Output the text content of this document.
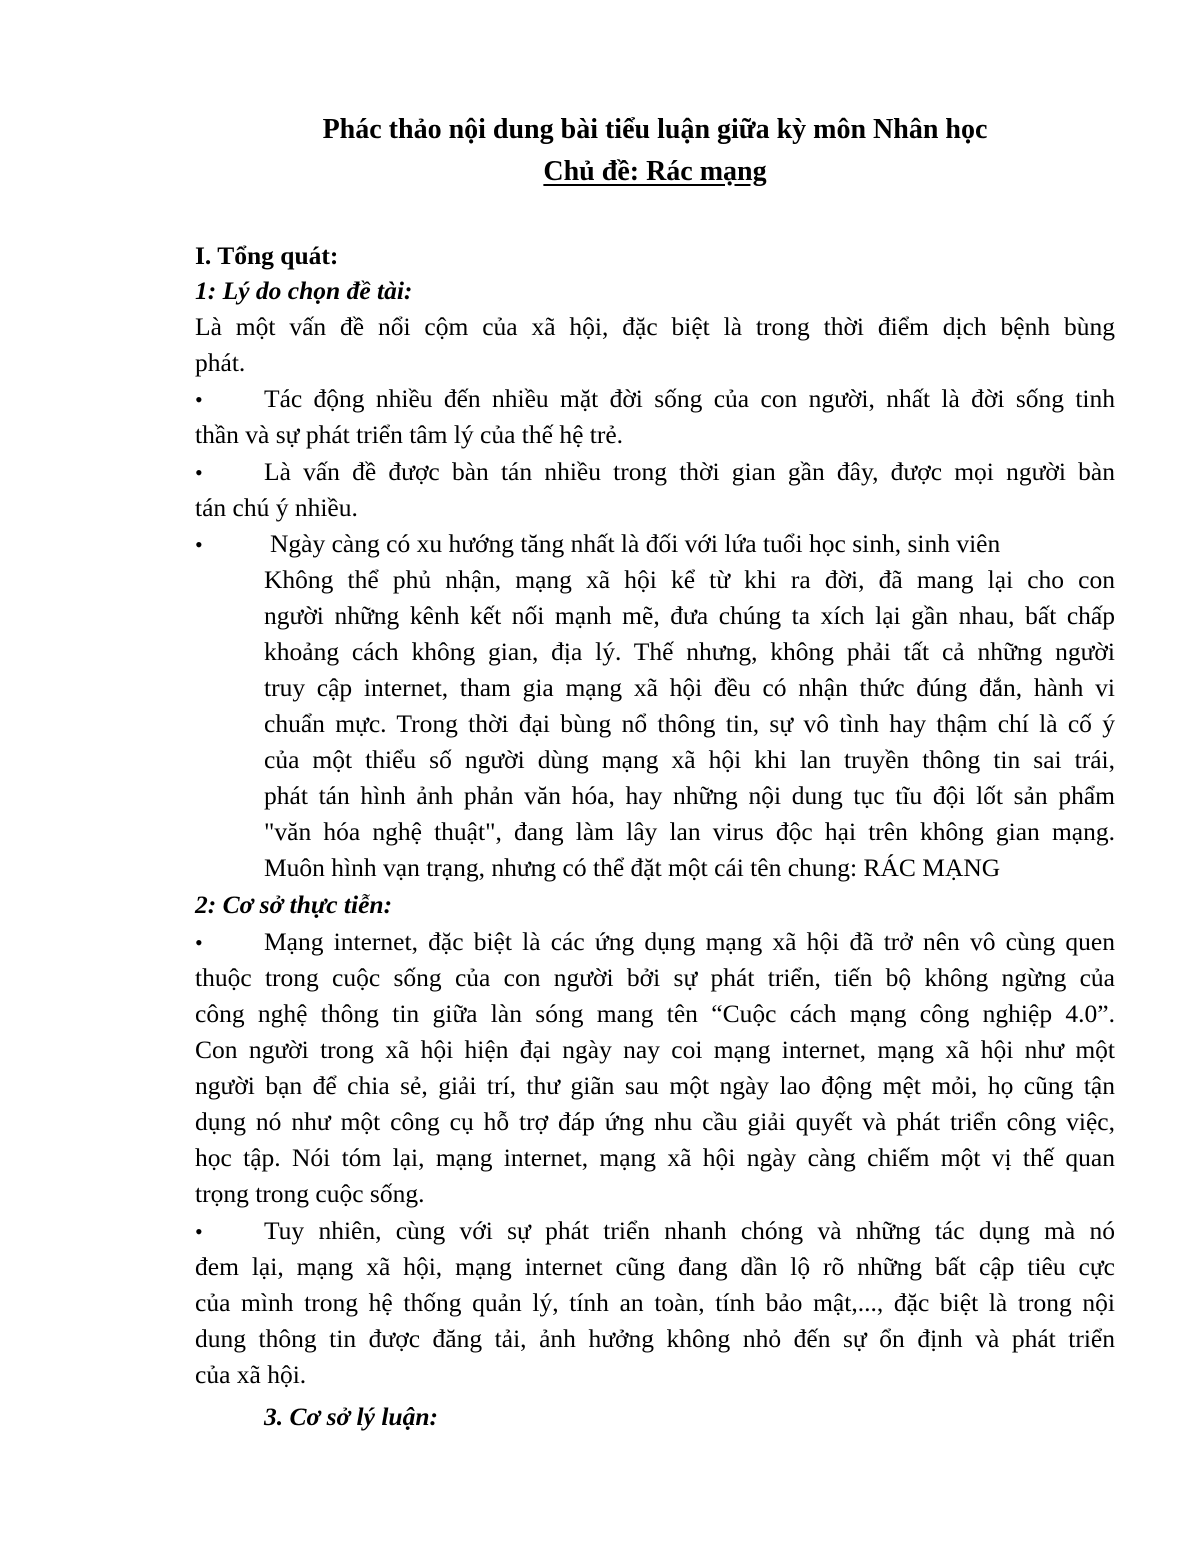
Phác thảo nội dung bài tiểu luận giữa kỳ môn Nhân học
Chủ đề: Rác mạng
I. Tổng quát:
1: Lý do chọn đề tài:
Là một vấn đề nổi cộm của xã hội, đặc biệt là trong thời điểm dịch bệnh bùng
phát.
• Tác động nhiều đến nhiều mặt đời sống của con người, nhất là đời sống tinh
thần và sự phát triển tâm lý của thế hệ trẻ.
• Là vấn đề được bàn tán nhiều trong thời gian gần đây, được mọi người bàn
tán chú ý nhiều.
•	Ngày càng có xu hướng tăng nhất là đối với lứa tuổi học sinh, sinh viên
Không thể phủ nhận, mạng xã hội kể từ khi ra đời, đã mang lại cho con
người những kênh kết nối mạnh mẽ, đưa chúng ta xích lại gần nhau, bất chấp
khoảng cách không gian, địa lý. Thế nhưng, không phải tất cả những người
truy cập internet, tham gia mạng xã hội đều có nhận thức đúng đắn, hành vi
chuẩn mực. Trong thời đại bùng nổ thông tin, sự vô tình hay thậm chí là cố ý
của một thiểu số người dùng mạng xã hội khi lan truyền thông tin sai trái,
phát tán hình ảnh phản văn hóa, hay những nội dung tục tĩu đội lốt sản phẩm
"văn hóa nghệ thuật", đang làm lây lan virus độc hại trên không gian mạng.
Muôn hình vạn trạng, nhưng có thể đặt một cái tên chung: RÁC MẠNG
2: Cơ sở thực tiễn:
• Mạng internet, đặc biệt là các ứng dụng mạng xã hội đã trở nên vô cùng quen
thuộc trong cuộc sống của con người bởi sự phát triển, tiến bộ không ngừng của
công nghệ thông tin giữa làn sóng mang tên “Cuộc cách mạng công nghiệp 4.0”.
Con người trong xã hội hiện đại ngày nay coi mạng internet, mạng xã hội như một
người bạn để chia sẻ, giải trí, thư giãn sau một ngày lao động mệt mỏi, họ cũng tận
dụng nó như một công cụ hỗ trợ đáp ứng nhu cầu giải quyết và phát triển công việc,
học tập. Nói tóm lại, mạng internet, mạng xã hội ngày càng chiếm một vị thế quan
trọng trong cuộc sống.
• Tuy nhiên, cùng với sự phát triển nhanh chóng và những tác dụng mà nó
đem lại, mạng xã hội, mạng internet cũng đang dần lộ rõ những bất cập tiêu cực
của mình trong hệ thống quản lý, tính an toàn, tính bảo mật,..., đặc biệt là trong nội
dung thông tin được đăng tải, ảnh hưởng không nhỏ đến sự ổn định và phát triển
của xã hội.
3. Cơ sở lý luận:
